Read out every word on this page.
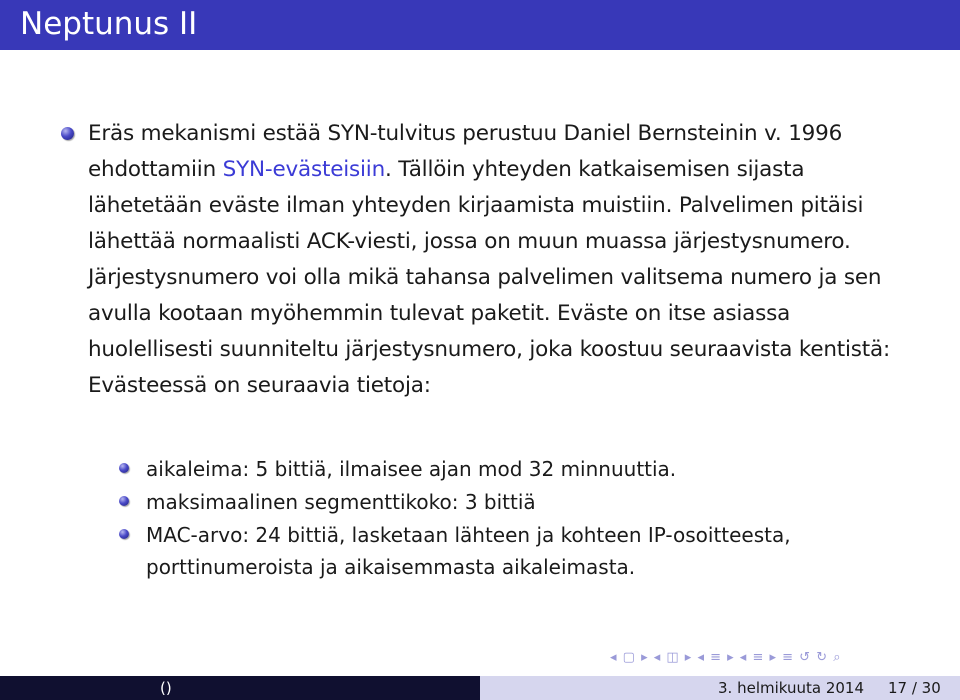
Neptunus II
Eräs mekanismi estää SYN-tulvitus perustuu Daniel Bernsteinin v. 1996 ehdottamiin SYN-evästeisiin. Tällöin yhteyden katkaisemisen sijasta lähetetään eväste ilman yhteyden kirjaamista muistiin. Palvelimen pitäisi lähettää normaalisti ACK-viesti, jossa on muun muassa järjestysnumero. Järjestysnumero voi olla mikä tahansa palvelimen valitsema numero ja sen avulla kootaan myöhemmin tulevat paketit. Eväste on itse asiassa huolellisesti suunniteltu järjestysnumero, joka koostuu seuraavista kentistä: Evästeessä on seuraavia tietoja:
aikaleima: 5 bittiä, ilmaisee ajan mod 32 minnuuttia.
maksimaalinen segmenttikoko: 3 bittiä
MAC-arvo: 24 bittiä, lasketaan lähteen ja kohteen IP-osoitteesta, porttinumeroista ja aikaisemmasta aikaleimasta.
◂ ▢ ▸ ◂ ◫ ▸ ◂ ≡ ▸ ◂ ≡ ▸ ≡ ↺ ↻ ⌕
()	3. helmikuuta 2014 17 / 30
